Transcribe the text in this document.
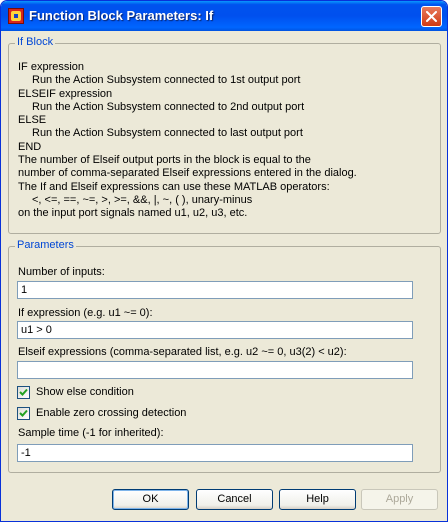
Function Block Parameters: If
If Block
IF expression
Run the Action Subsystem connected to 1st output port
ELSEIF expression
Run the Action Subsystem connected to 2nd output port
ELSE
Run the Action Subsystem connected to last output port
END
The number of Elseif output ports in the block is equal to the
number of comma-separated Elseif expressions entered in the dialog.
The If and Elseif expressions can use these MATLAB operators:
<, <=, ==, ~=, >, >=, &&, |, ~, ( ), unary-minus
on the input port signals named u1, u2, u3, etc.
Parameters
Number of inputs:
1
If expression (e.g. u1 ~= 0):
u1 > 0
Elseif expressions (comma-separated list, e.g. u2 ~= 0, u3(2) < u2):
Show else condition
Enable zero crossing detection
Sample time (-1 for inherited):
-1
OK	Cancel	Help	Apply
